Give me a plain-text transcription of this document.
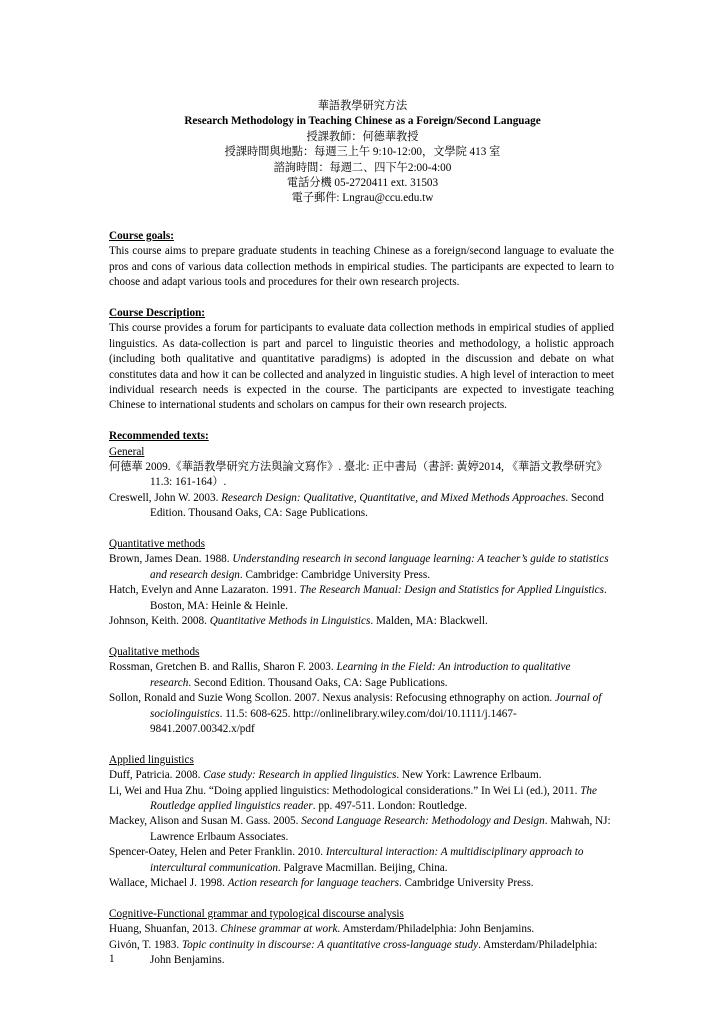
華語教學研究方法
Research Methodology in Teaching Chinese as a Foreign/Second Language
授課教師：何德華教授
授課時間與地點：每週三上午 9:10-12:00，文學院 413 室
諮詢時間：每週二、四下午2:00-4:00
電話分機 05-2720411 ext. 31503
電子郵件: Lngrau@ccu.edu.tw
Course goals:
This course aims to prepare graduate students in teaching Chinese as a foreign/second language to evaluate the pros and cons of various data collection methods in empirical studies. The participants are expected to learn to choose and adapt various tools and procedures for their own research projects.
Course Description:
This course provides a forum for participants to evaluate data collection methods in empirical studies of applied linguistics. As data-collection is part and parcel to linguistic theories and methodology, a holistic approach (including both qualitative and quantitative paradigms) is adopted in the discussion and debate on what constitutes data and how it can be collected and analyzed in linguistic studies. A high level of interaction to meet individual research needs is expected in the course. The participants are expected to investigate teaching Chinese to international students and scholars on campus for their own research projects.
Recommended texts:
General
何德華 2009.《華語教學研究方法與論文寫作》. 臺北: 正中書局（書評: 黃婷2014, 《華語文教學研究》11.3: 161-164）.
Creswell, John W. 2003. Research Design: Qualitative, Quantitative, and Mixed Methods Approaches. Second Edition. Thousand Oaks, CA: Sage Publications.
Quantitative methods
Brown, James Dean. 1988. Understanding research in second language learning: A teacher’s guide to statistics and research design. Cambridge: Cambridge University Press.
Hatch, Evelyn and Anne Lazaraton. 1991. The Research Manual: Design and Statistics for Applied Linguistics. Boston, MA: Heinle & Heinle.
Johnson, Keith. 2008. Quantitative Methods in Linguistics. Malden, MA: Blackwell.
Qualitative methods
Rossman, Gretchen B. and Rallis, Sharon F. 2003. Learning in the Field: An introduction to qualitative research. Second Edition. Thousand Oaks, CA: Sage Publications.
Sollon, Ronald and Suzie Wong Scollon. 2007. Nexus analysis: Refocusing ethnography on action. Journal of sociolinguistics. 11.5: 608-625. http://onlinelibrary.wiley.com/doi/10.1111/j.1467-9841.2007.00342.x/pdf
Applied linguistics
Duff, Patricia. 2008. Case study: Research in applied linguistics. New York: Lawrence Erlbaum.
Li, Wei and Hua Zhu. “Doing applied linguistics: Methodological considerations.” In Wei Li (ed.), 2011. The Routledge applied linguistics reader. pp. 497-511. London: Routledge.
Mackey, Alison and Susan M. Gass. 2005. Second Language Research: Methodology and Design. Mahwah, NJ: Lawrence Erlbaum Associates.
Spencer-Oatey, Helen and Peter Franklin. 2010. Intercultural interaction: A multidisciplinary approach to intercultural communication. Palgrave Macmillan. Beijing, China.
Wallace, Michael J. 1998. Action research for language teachers. Cambridge University Press.
Cognitive-Functional grammar and typological discourse analysis
Huang, Shuanfan, 2013. Chinese grammar at work. Amsterdam/Philadelphia: John Benjamins.
Givón, T. 1983. Topic continuity in discourse: A quantitative cross-language study. Amsterdam/Philadelphia: John Benjamins.
1
